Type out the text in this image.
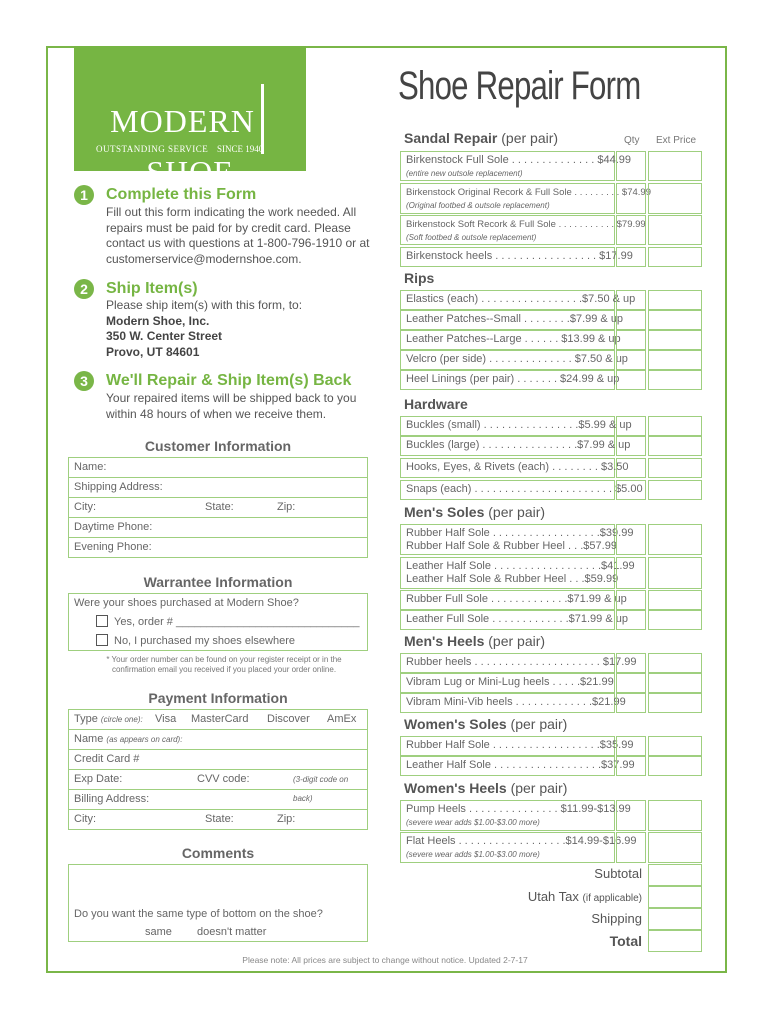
MODERNSHOE
OUTSTANDING SERVICE SINCE 1940
Shoe Repair Form
1	Complete this Form
Fill out this form indicating the work needed. All repairs must be paid for by credit card. Please contact us with questions at 1-800-796-1910 or at customerservice@modernshoe.com.
2	Ship Item(s)
Please ship item(s) with this form, to:
Modern Shoe, Inc.
350 W. Center Street
Provo, UT 84601
3	We'll Repair & Ship Item(s) Back
Your repaired items will be shipped back to you within 48 hours of when we receive them.
Customer Information
Name:
Shipping Address:
City:	State:	Zip:
Daytime Phone:
Evening Phone:
Warrantee Information
Were your shoes purchased at Modern Shoe?
Yes, order # ______________________________
No, I purchased my shoes elsewhere
* Your order number can be found on your register receipt or in the confirmation email you received if you placed your order online.
Payment Information
Type (circle one): Visa MasterCard Discover AmEx
Name (as appears on card):
Credit Card #
Exp Date:	CVV code:	(3-digit code on back)
Billing Address:
City:	State:	Zip:
Comments
Do you want the same type of bottom on the shoe?
same doesn't matter
Qty Ext Price
Sandal Repair (per pair)
Birkenstock Full Sole . . . . . . . . . . . . . . $44.99
(entire new outsole replacement)
Birkenstock Original Recork & Full Sole . . . . . . . . . $74.99
(Original footbed & outsole replacement)
Birkenstock Soft Recork & Full Sole . . . . . . . . . . . $79.99
(Soft footbed & outsole replacement)
Birkenstock heels . . . . . . . . . . . . . . . . . $17.99
Rips
Elastics (each) . . . . . . . . . . . . . . . . .$7.50 & up
Leather Patches--Small . . . . . . . .$7.99 & up
Leather Patches--Large . . . . . . $13.99 & up
Velcro (per side) . . . . . . . . . . . . . . $7.50 & up
Heel Linings (per pair) . . . . . . . $24.99 & up
Hardware
Buckles (small) . . . . . . . . . . . . . . . .$5.99 & up
Buckles (large) . . . . . . . . . . . . . . . .$7.99 & up
Hooks, Eyes, & Rivets (each) . . . . . . . . $3.50
Snaps (each) . . . . . . . . . . . . . . . . . . . . . . . $5.00
Men's Soles (per pair)
Rubber Half Sole . . . . . . . . . . . . . . . . . .$39.99
Rubber Half Sole & Rubber Heel . . .$57.99
Leather Half Sole . . . . . . . . . . . . . . . . . .$41.99
Leather Half Sole & Rubber Heel . . .$59.99
Rubber Full Sole . . . . . . . . . . . . .$71.99 & up
Leather Full Sole . . . . . . . . . . . . .$71.99 & up
Men's Heels (per pair)
Rubber heels . . . . . . . . . . . . . . . . . . . . . $17.99
Vibram Lug or Mini-Lug heels . . . . .$21.99
Vibram Mini-Vib heels . . . . . . . . . . . . .$21.99
Women's Soles (per pair)
Rubber Half Sole . . . . . . . . . . . . . . . . . .$35.99
Leather Half Sole . . . . . . . . . . . . . . . . . .$37.99
Women's Heels (per pair)
Pump Heels . . . . . . . . . . . . . . . $11.99-$13.99
(severe wear adds $1.00-$3.00 more)
Flat Heels . . . . . . . . . . . . . . . . . .$14.99-$16.99
(severe wear adds $1.00-$3.00 more)
Subtotal
Utah Tax (if applicable)
Shipping
Total
Please note: All prices are subject to change without notice. Updated 2-7-17
